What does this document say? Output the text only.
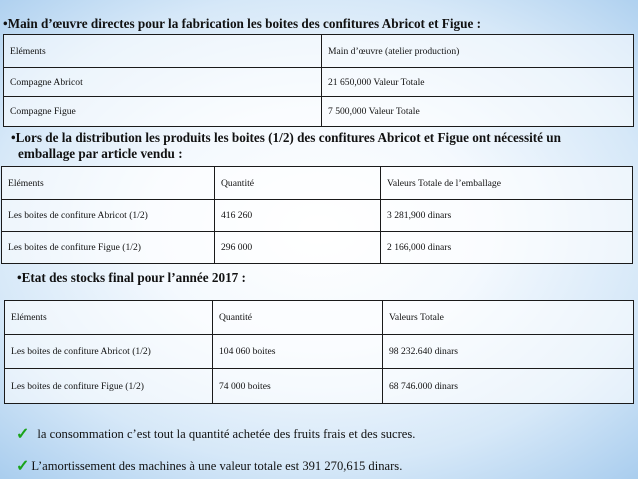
•Main d’œuvre directes pour la fabrication les boites des confitures Abricot et Figue :
Eléments	Main d’œuvre (atelier production)
Compagne Abricot	21 650,000 Valeur Totale
Compagne Figue	7 500,000 Valeur Totale
•Lors de la distribution les produits les boites (1/2) des confitures Abricot et Figue ont nécessité un
emballage par article vendu :
Eléments	Quantité	Valeurs Totale de l’emballage
Les boites de confiture Abricot (1/2)	416 260	3 281,900 dinars
Les boites de confiture Figue (1/2)	296 000	2 166,000 dinars
•Etat des stocks final pour l’année 2017 :
Eléments	Quantité	Valeurs Totale
Les boites de confiture Abricot (1/2)	104 060 boites	98 232.640 dinars
Les boites de confiture Figue (1/2)	74 000 boites	68 746.000 dinars
✓ la consommation c’est tout la quantité achetée des fruits frais et des sucres.
✓ L’amortissement des machines à une valeur totale est 391 270,615 dinars.
